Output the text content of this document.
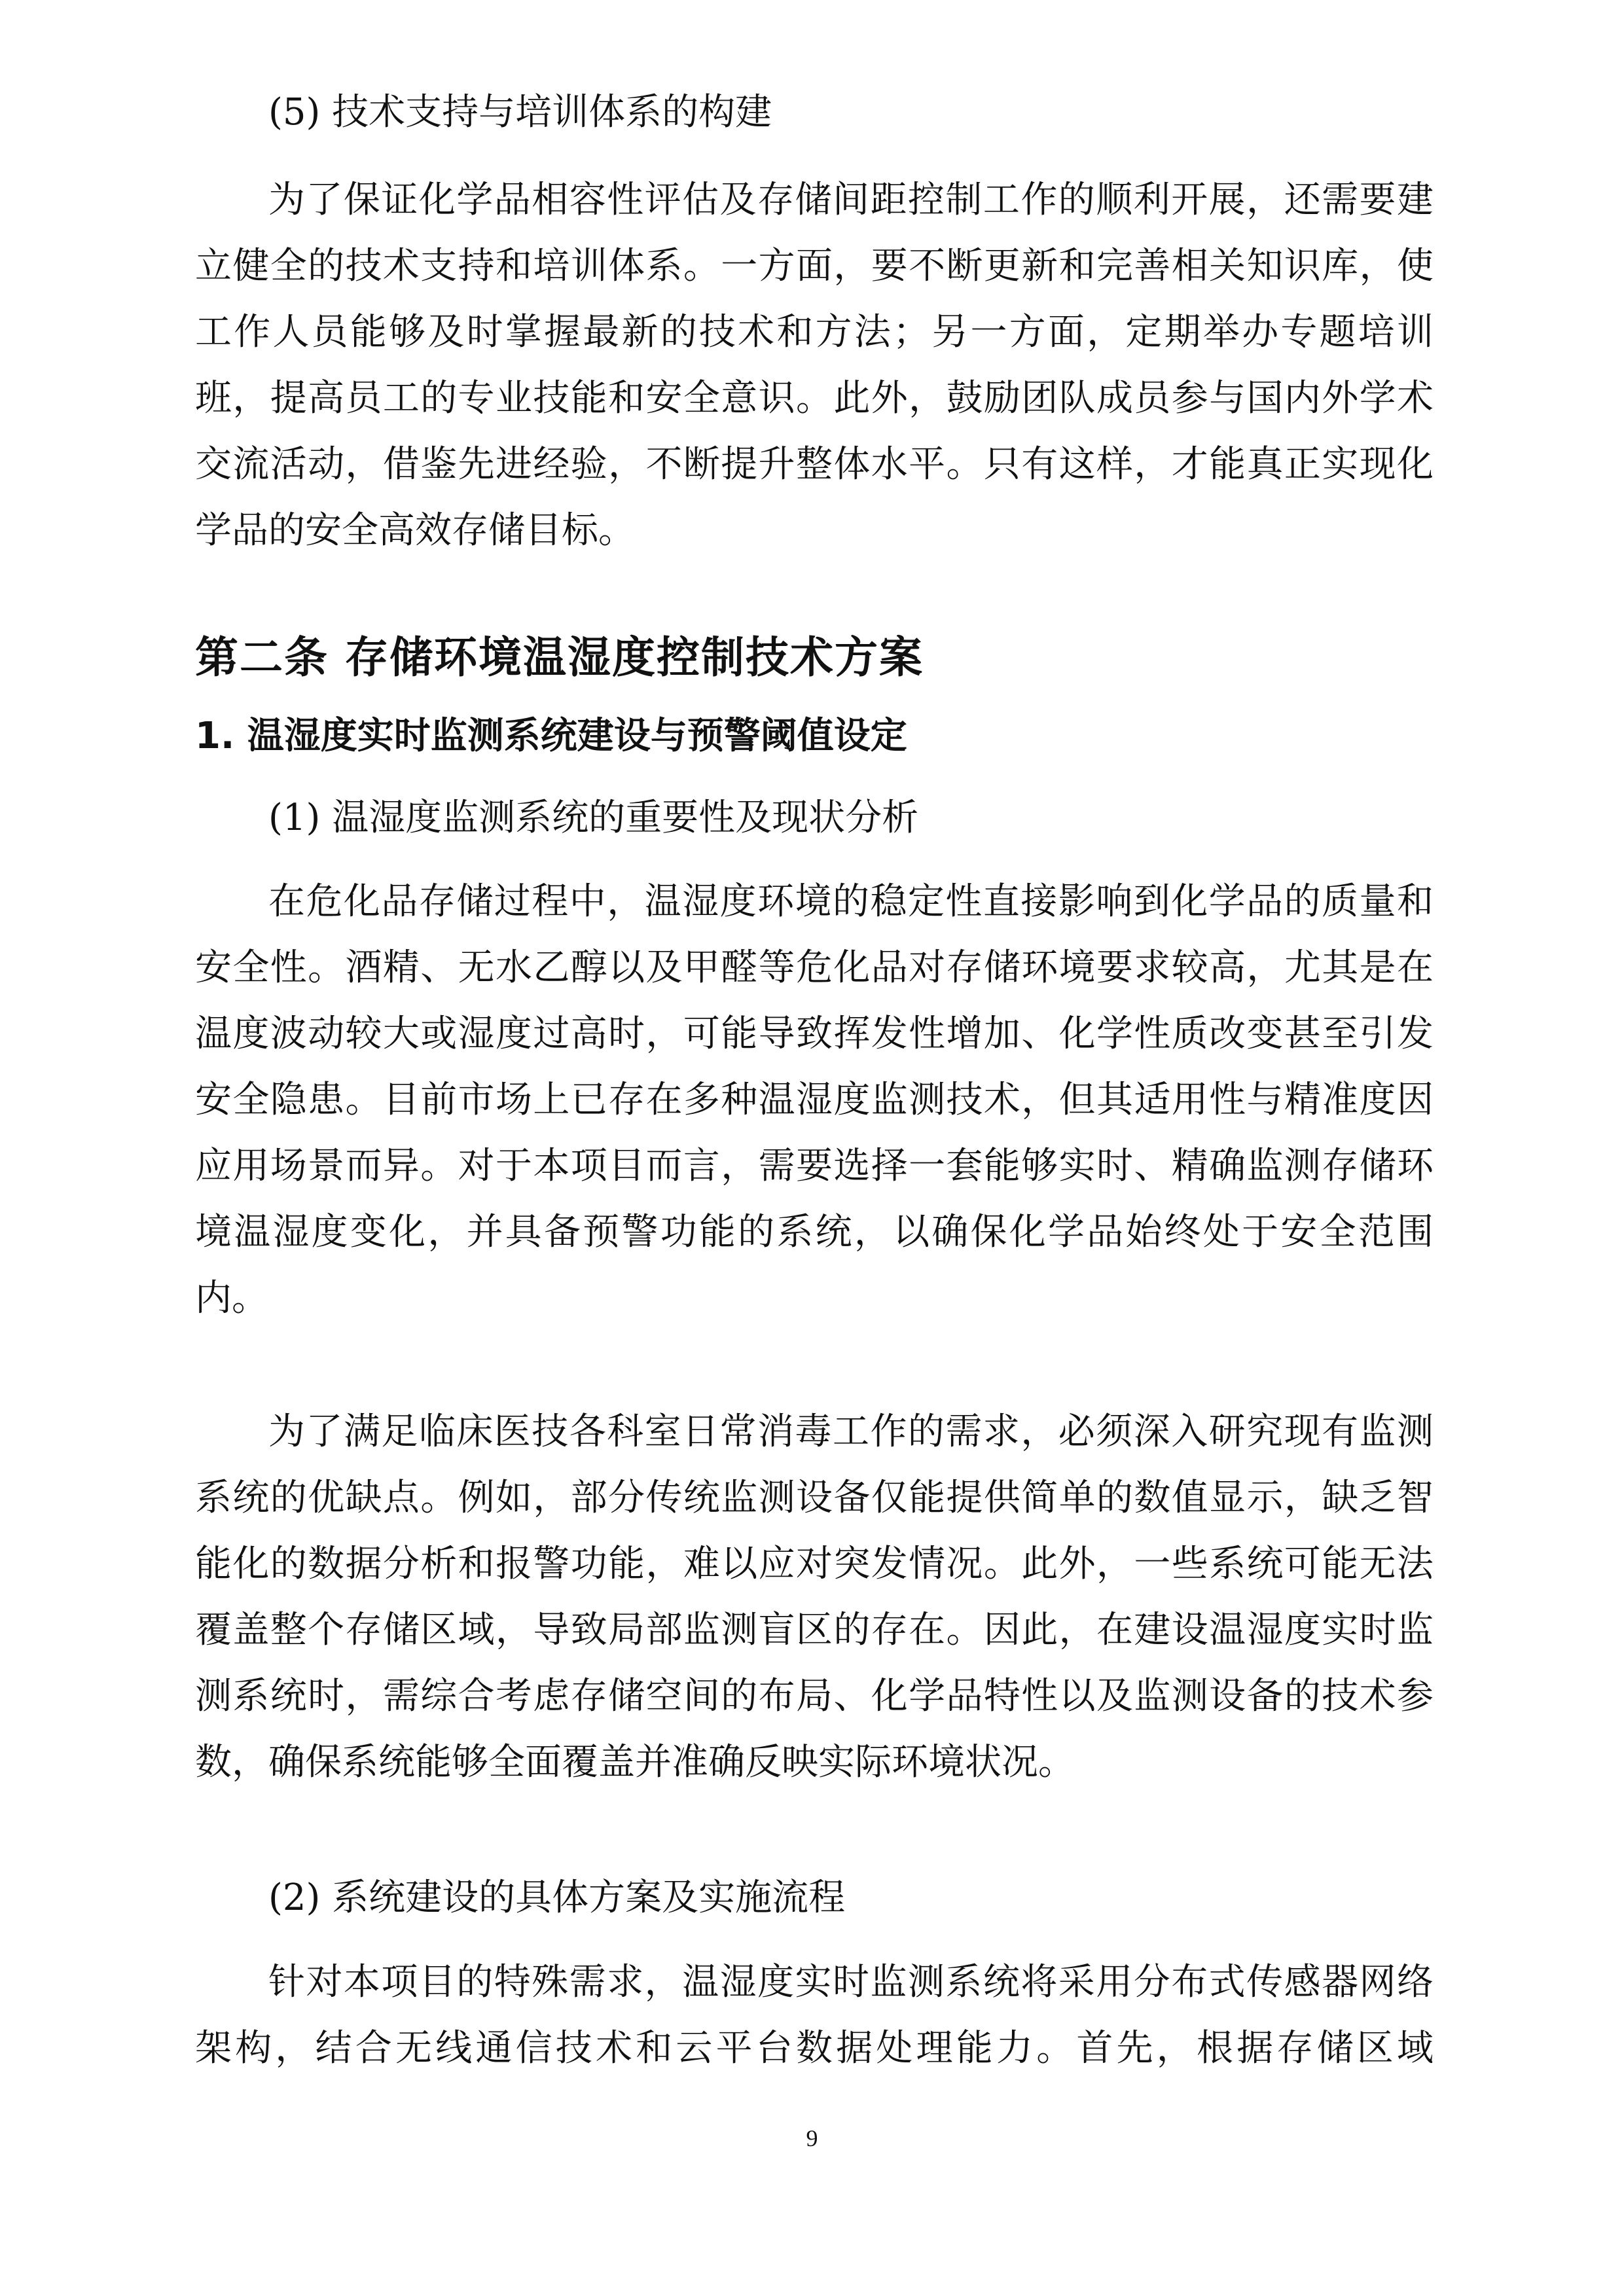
(5) 技术支持与培训体系的构建

为了保证化学品相容性评估及存储间距控制工作的顺利开展，还需要建立健全的技术支持和培训体系。一方面，要不断更新和完善相关知识库，使工作人员能够及时掌握最新的技术和方法；另一方面，定期举办专题培训班，提高员工的专业技能和安全意识。此外，鼓励团队成员参与国内外学术交流活动，借鉴先进经验，不断提升整体水平。只有这样，才能真正实现化学品的安全高效存储目标。

第二条 存储环境温湿度控制技术方案

1. 温湿度实时监测系统建设与预警阈值设定

(1) 温湿度监测系统的重要性及现状分析

在危化品存储过程中，温湿度环境的稳定性直接影响到化学品的质量和安全性。酒精、无水乙醇以及甲醛等危化品对存储环境要求较高，尤其是在温度波动较大或湿度过高时，可能导致挥发性增加、化学性质改变甚至引发安全隐患。目前市场上已存在多种温湿度监测技术，但其适用性与精准度因应用场景而异。对于本项目而言，需要选择一套能够实时、精确监测存储环境温湿度变化，并具备预警功能的系统，以确保化学品始终处于安全范围内。

为了满足临床医技各科室日常消毒工作的需求，必须深入研究现有监测系统的优缺点。例如，部分传统监测设备仅能提供简单的数值显示，缺乏智能化的数据分析和报警功能，难以应对突发情况。此外，一些系统可能无法覆盖整个存储区域，导致局部监测盲区的存在。因此，在建设温湿度实时监测系统时，需综合考虑存储空间的布局、化学品特性以及监测设备的技术参数，确保系统能够全面覆盖并准确反映实际环境状况。

(2) 系统建设的具体方案及实施流程

针对本项目的特殊需求，温湿度实时监测系统将采用分布式传感器网络架构，结合无线通信技术和云平台数据处理能力。首先，根据存储区域

9
